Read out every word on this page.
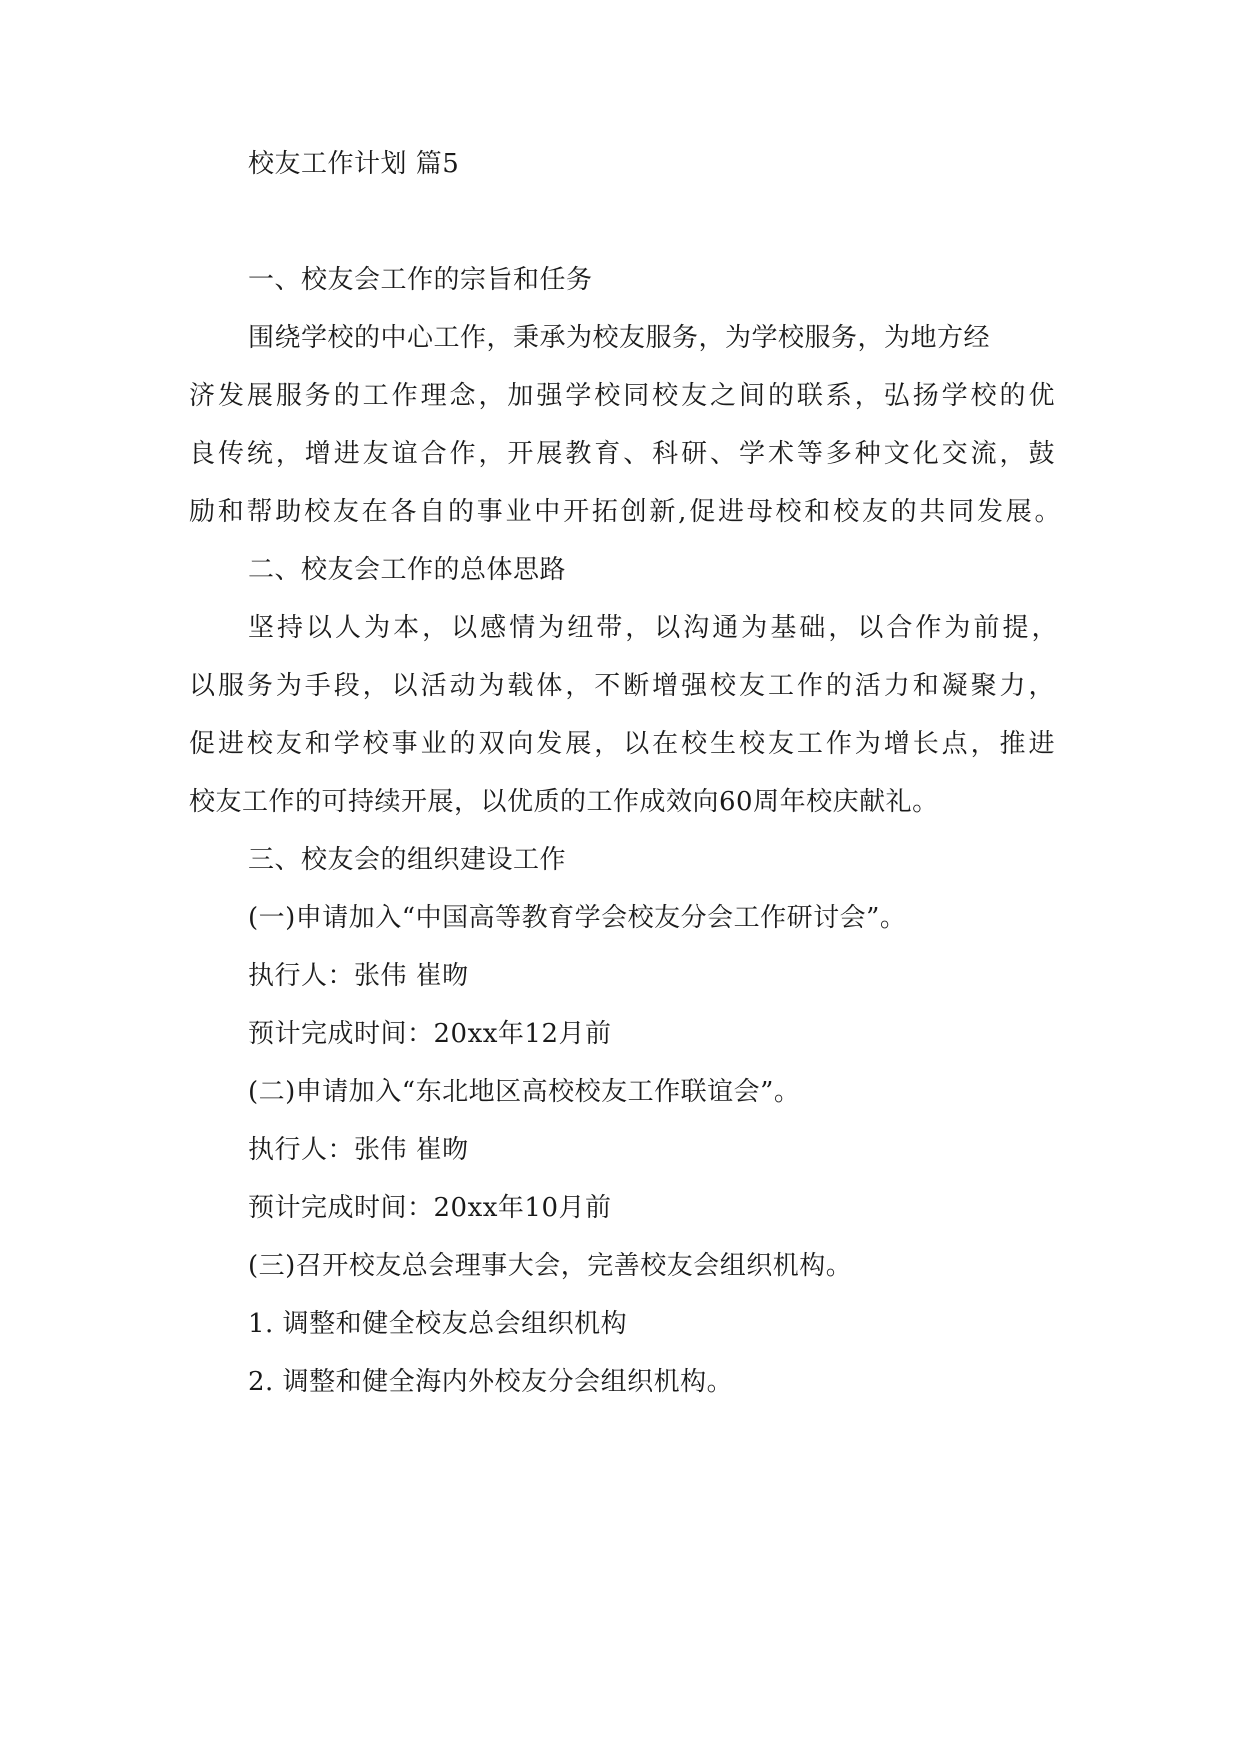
校友工作计划 篇5

一、校友会工作的宗旨和任务

围绕学校的中心工作，秉承为校友服务，为学校服务，为地方经

济发展服务的工作理念，加强学校同校友之间的联系，弘扬学校的优

良传统，增进友谊合作，开展教育、科研、学术等多种文化交流，鼓

励和帮助校友在各自的事业中开拓创新,促进母校和校友的共同发展。

二、校友会工作的总体思路

坚持以人为本，以感情为纽带，以沟通为基础，以合作为前提，

以服务为手段，以活动为载体，不断增强校友工作的活力和凝聚力，

促进校友和学校事业的双向发展，以在校生校友工作为增长点，推进

校友工作的可持续开展，以优质的工作成效向60周年校庆献礼。

三、校友会的组织建设工作

(一)申请加入“中国高等教育学会校友分会工作研讨会”。

执行人：张伟 崔昒

预计完成时间：20xx年12月前

(二)申请加入“东北地区高校校友工作联谊会”。

执行人：张伟 崔昒

预计完成时间：20xx年10月前

(三)召开校友总会理事大会，完善校友会组织机构。

1. 调整和健全校友总会组织机构

2. 调整和健全海内外校友分会组织机构。
